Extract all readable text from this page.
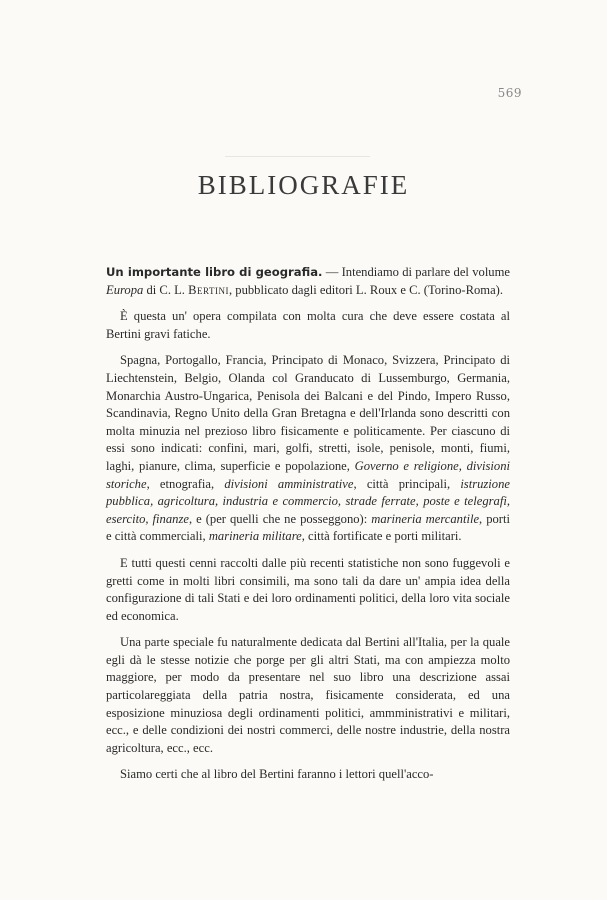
569
BIBLIOGRAFIE

Un importante libro di geografia. — Intendiamo di parlare del volume Europa di C. L. Bertini, pubblicato dagli editori L. Roux e C. (Torino-Roma).

È questa un' opera compilata con molta cura che deve essere costata al Bertini gravi fatiche.

Spagna, Portogallo, Francia, Principato di Monaco, Svizzera, Principato di Liechtenstein, Belgio, Olanda col Granducato di Lussemburgo, Germania, Monarchia Austro-Ungarica, Penisola dei Balcani e del Pindo, Impero Russo, Scandinavia, Regno Unito della Gran Bretagna e dell'Irlanda sono descritti con molta minuzia nel prezioso libro fisicamente e politicamente. Per ciascuno di essi sono indicati: confini, mari, golfi, stretti, isole, penisole, monti, fiumi, laghi, pianure, clima, superficie e popolazione, Governo e religione, divisioni storiche, etnografia, divisioni amministrative, città principali, istruzione pubblica, agricoltura, industria e commercio, strade ferrate, poste e telegrafi, esercito, finanze, e (per quelli che ne posseggono): marineria mercantile, porti e città commerciali, marineria militare, città fortificate e porti militari.

E tutti questi cenni raccolti dalle più recenti statistiche non sono fuggevoli e gretti come in molti libri consimili, ma sono tali da dare un' ampia idea della configurazione di tali Stati e dei loro ordinamenti politici, della loro vita sociale ed economica.

Una parte speciale fu naturalmente dedicata dal Bertini all'Italia, per la quale egli dà le stesse notizie che porge per gli altri Stati, ma con ampiezza molto maggiore, per modo da presentare nel suo libro una descrizione assai particolareggiata della patria nostra, fisicamente considerata, ed una esposizione minuziosa degli ordinamenti politici, ammministrativi e militari, ecc., e delle condizioni dei nostri commerci, delle nostre industrie, della nostra agricoltura, ecc., ecc.

Siamo certi che al libro del Bertini faranno i lettori quell'acco-
